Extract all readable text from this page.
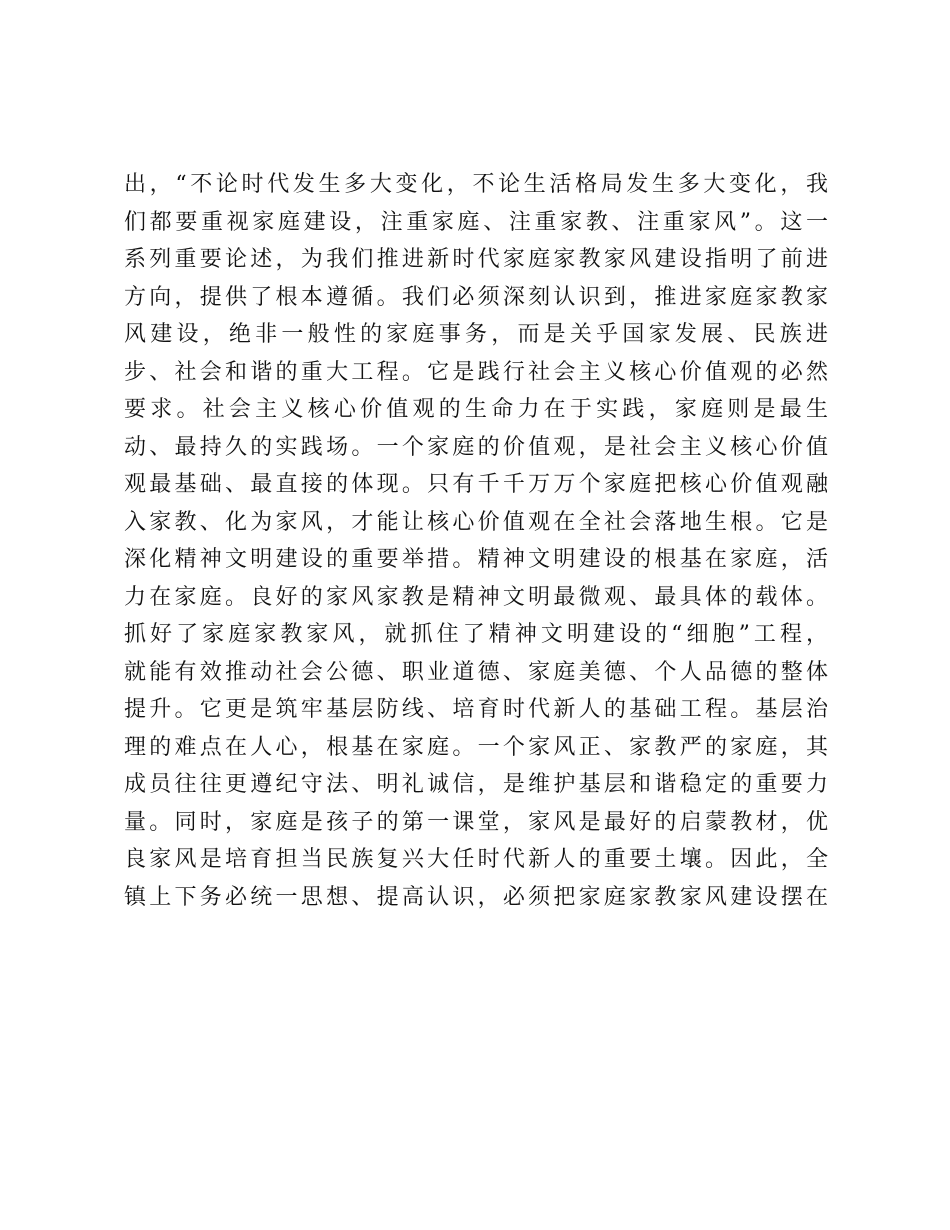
出，“不论时代发生多大变化，不论生活格局发生多大变化，我
们都要重视家庭建设，注重家庭、注重家教、注重家风”。这一
系列重要论述，为我们推进新时代家庭家教家风建设指明了前进
方向，提供了根本遵循。我们必须深刻认识到，推进家庭家教家
风建设，绝非一般性的家庭事务，而是关乎国家发展、民族进
步、社会和谐的重大工程。它是践行社会主义核心价值观的必然
要求。社会主义核心价值观的生命力在于实践，家庭则是最生
动、最持久的实践场。一个家庭的价值观，是社会主义核心价值
观最基础、最直接的体现。只有千千万万个家庭把核心价值观融
入家教、化为家风，才能让核心价值观在全社会落地生根。它是
深化精神文明建设的重要举措。精神文明建设的根基在家庭，活
力在家庭。良好的家风家教是精神文明最微观、最具体的载体。
抓好了家庭家教家风，就抓住了精神文明建设的“细胞”工程，
就能有效推动社会公德、职业道德、家庭美德、个人品德的整体
提升。它更是筑牢基层防线、培育时代新人的基础工程。基层治
理的难点在人心，根基在家庭。一个家风正、家教严的家庭，其
成员往往更遵纪守法、明礼诚信，是维护基层和谐稳定的重要力
量。同时，家庭是孩子的第一课堂，家风是最好的启蒙教材，优
良家风是培育担当民族复兴大任时代新人的重要土壤。因此，全
镇上下务必统一思想、提高认识，必须把家庭家教家风建设摆在
